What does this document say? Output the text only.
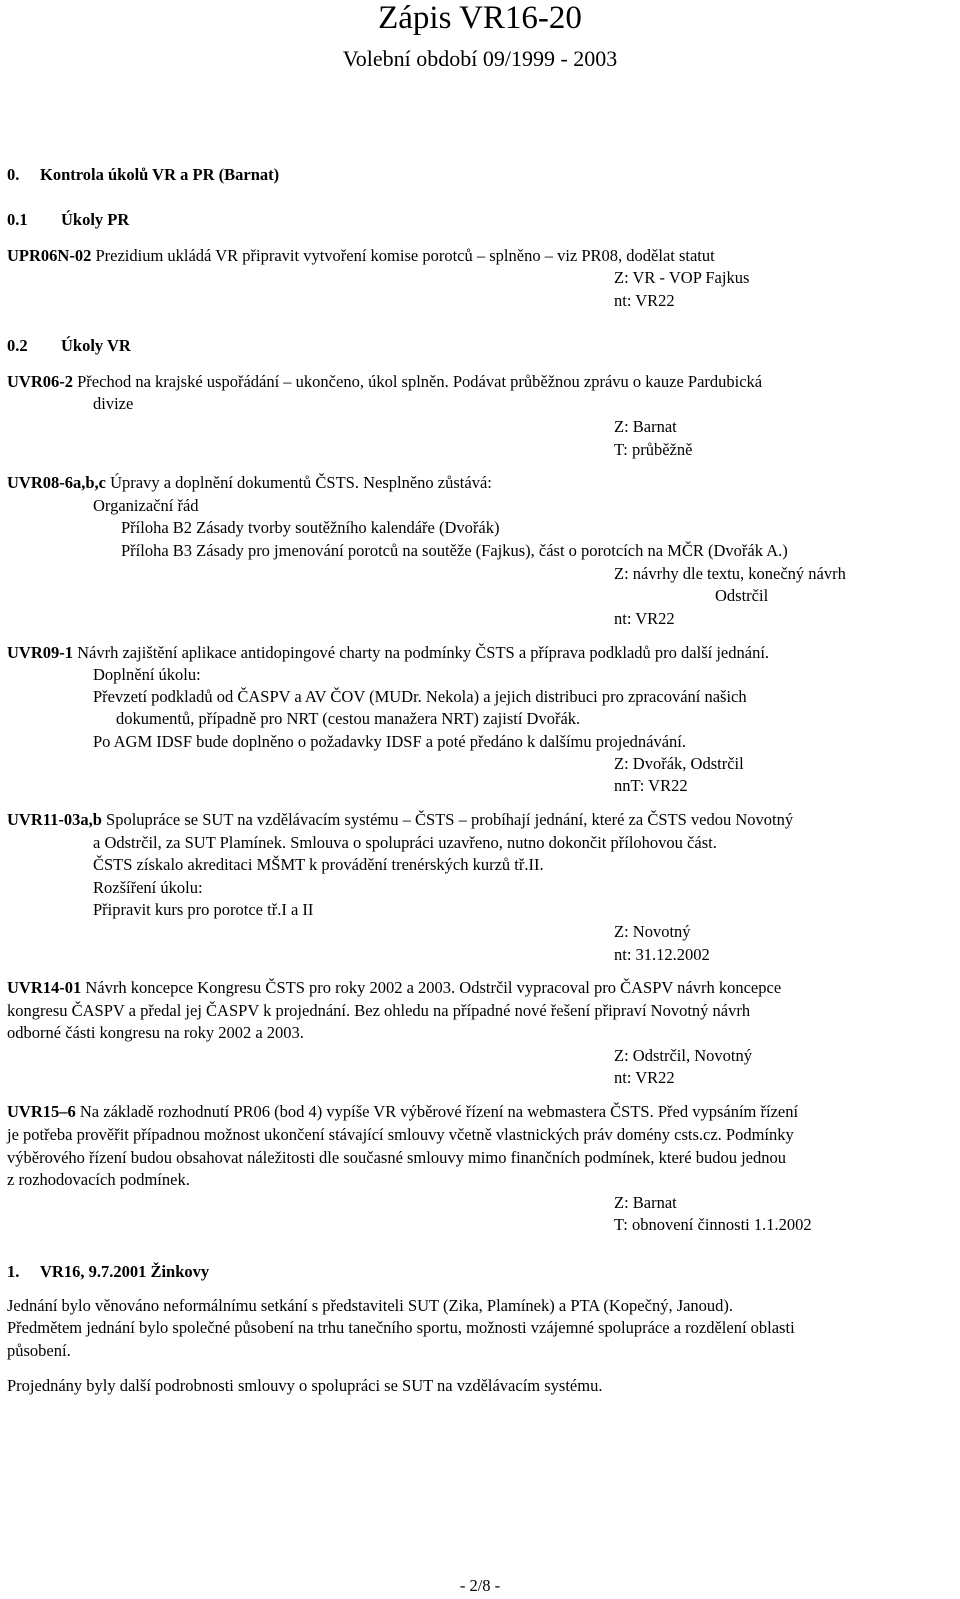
Zápis VR16-20
Volební období 09/1999 - 2003
0. Kontrola úkolů VR a PR (Barnat)
0.1 Úkoly PR
UPR06N-02 Prezidium ukládá VR připravit vytvoření komise porotců – splněno – viz PR08, dodělat statut
Z: VR - VOP Fajkus
nt: VR22
0.2 Úkoly VR
UVR06-2 Přechod na krajské uspořádání – ukončeno, úkol splněn. Podávat průběžnou zprávu o kauze Pardubická
divize
Z: Barnat
T: průběžně
UVR08-6a,b,c Úpravy a doplnění dokumentů ČSTS. Nesplněno zůstává:
Organizační řád
Příloha B2 Zásady tvorby soutěžního kalendáře (Dvořák)
Příloha B3 Zásady pro jmenování porotců na soutěže (Fajkus), část o porotcích na MČR (Dvořák A.)
Z: návrhy dle textu, konečný návrh
Odstrčil
nt: VR22
UVR09-1 Návrh zajištění aplikace antidopingové charty na podmínky ČSTS a příprava podkladů pro další jednání.
Doplnění úkolu:
Převzetí podkladů od ČASPV a AV ČOV (MUDr. Nekola) a jejich distribuci pro zpracování našich
dokumentů, případně pro NRT (cestou manažera NRT) zajistí Dvořák.
Po AGM IDSF bude doplněno o požadavky IDSF a poté předáno k dalšímu projednávání.
Z: Dvořák, Odstrčil
nnT: VR22
UVR11-03a,b Spolupráce se SUT na vzdělávacím systému – ČSTS – probíhají jednání, které za ČSTS vedou Novotný
a Odstrčil, za SUT Plamínek. Smlouva o spolupráci uzavřeno, nutno dokončit přílohovou část.
ČSTS získalo akreditaci MŠMT k provádění trenérských kurzů tř.II.
Rozšíření úkolu:
Připravit kurs pro porotce tř.I a II
Z: Novotný
nt: 31.12.2002
UVR14-01 Návrh koncepce Kongresu ČSTS pro roky 2002 a 2003. Odstrčil vypracoval pro ČASPV návrh koncepce
kongresu ČASPV a předal jej ČASPV k projednání. Bez ohledu na případné nové řešení připraví Novotný návrh
odborné části kongresu na roky 2002 a 2003.
Z: Odstrčil, Novotný
nt: VR22
UVR15–6 Na základě rozhodnutí PR06 (bod 4) vypíše VR výběrové řízení na webmastera ČSTS. Před vypsáním řízení
je potřeba prověřit případnou možnost ukončení stávající smlouvy včetně vlastnických práv domény csts.cz. Podmínky
výběrového řízení budou obsahovat náležitosti dle současné smlouvy mimo finančních podmínek, které budou jednou
z rozhodovacích podmínek.
Z: Barnat
T: obnovení činnosti 1.1.2002
1. VR16, 9.7.2001 Žinkovy
Jednání bylo věnováno neformálnímu setkání s představiteli SUT (Zika, Plamínek) a PTA (Kopečný, Janoud).
Předmětem jednání bylo společné působení na trhu tanečního sportu, možnosti vzájemné spolupráce a rozdělení oblasti
působení.
Projednány byly další podrobnosti smlouvy o spolupráci se SUT na vzdělávacím systému.
- 2/8 -
